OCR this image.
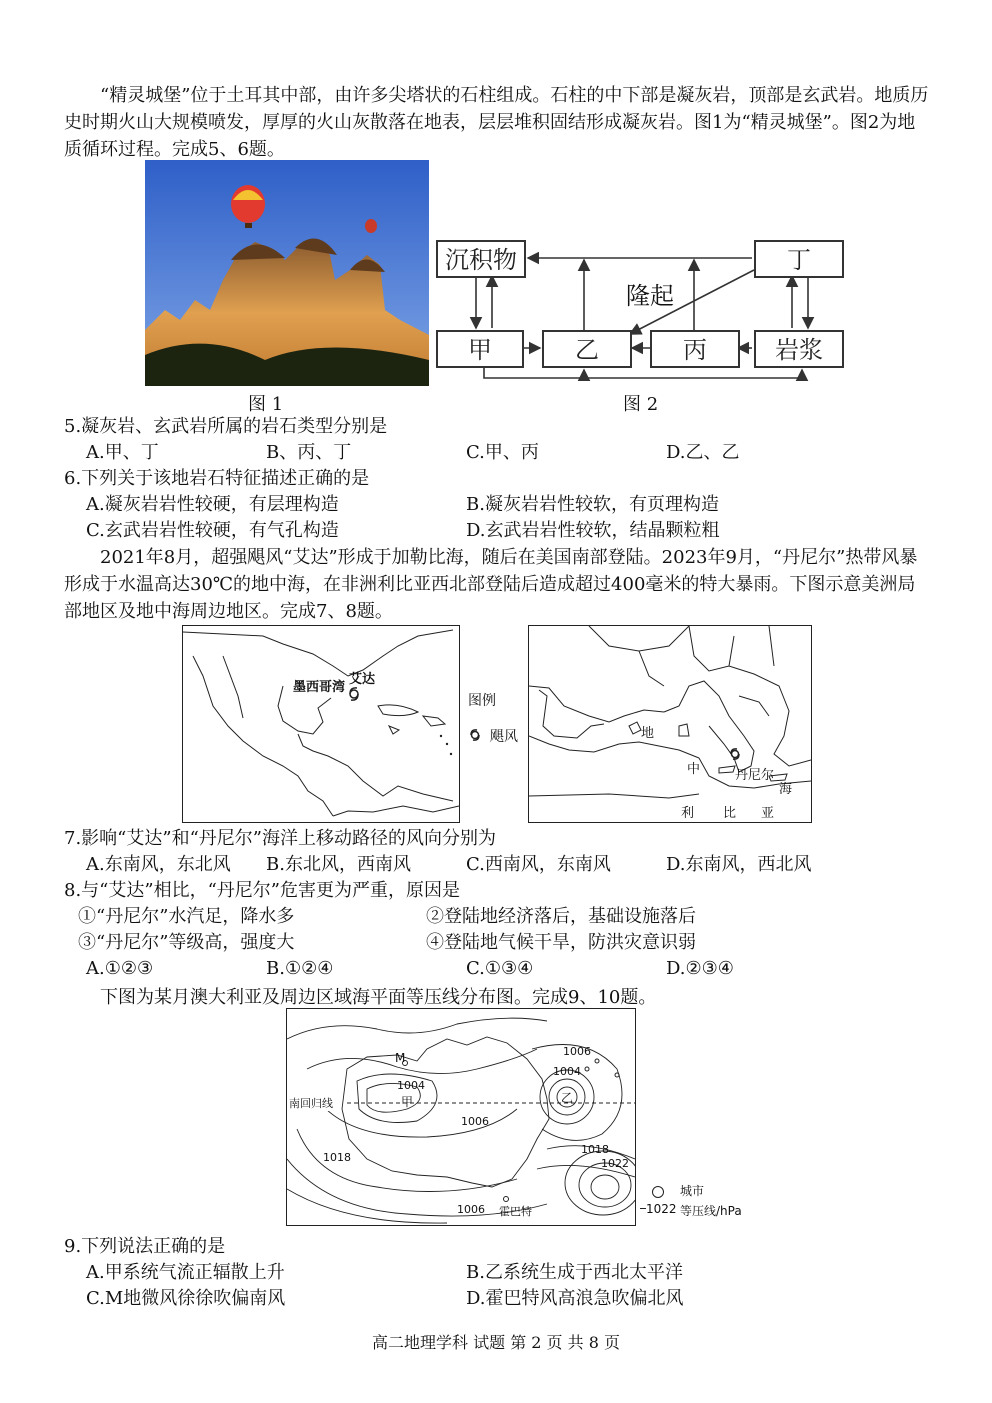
“精灵城堡”位于土耳其中部，由许多尖塔状的石柱组成。石柱的中下部是凝灰岩，顶部是玄武岩。地质历史时期火山大规模喷发，厚厚的火山灰散落在地表，层层堆积固结形成凝灰岩。图1为“精灵城堡”。图2为地质循环过程。完成5、6题。
图 1
沉积物	丁
隆起
甲	乙	丙	岩浆
图 2
5.凝灰岩、玄武岩所属的岩石类型分别是
A.甲、丁	B、丙、丁	C.甲、丙	D.乙、乙
6.下列关于该地岩石特征描述正确的是
A.凝灰岩岩性较硬，有层理构造	B.凝灰岩岩性较软，有页理构造
C.玄武岩岩性较硬，有气孔构造	D.玄武岩岩性较软，结晶颗粒粗
2021年8月，超强飓风“艾达”形成于加勒比海，随后在美国南部登陆。2023年9月，“丹尼尔”热带风暴形成于水温高达30℃的地中海，在非洲利比亚西北部登陆后造成超过400毫米的特大暴雨。下图示意美洲局部地区及地中海周边地区。完成7、8题。
墨西哥湾
艾达
图例
飓风	地
中
海
丹尼尔
利 比 亚
7.影响“艾达”和“丹尼尔”海洋上移动路径的风向分别为
A.东南风，东北风 B.东北风，西南风	C.西南风，东南风	D.东南风，西北风
8.与“艾达”相比，“丹尼尔”危害更为严重，原因是
①“丹尼尔”水汽足，降水多	②登陆地经济落后，基础设施落后
③“丹尼尔”等级高，强度大	④登陆地气候干旱，防洪灾意识弱
A.①②③	B.①②④	C.①③④	D.②③④
下图为某月澳大利亚及周边区域海平面等压线分布图。完成9、10题。
M	1006
1004
1004
甲	乙
南回归线
1006
1018
1018
1022
1006 霍巴特
城市
1022 等压线/hPa
9.下列说法正确的是
A.甲系统气流正辐散上升	B.乙系统生成于西北太平洋
C.M地微风徐徐吹偏南风	D.霍巴特风高浪急吹偏北风
高二地理学科 试题 第 2 页 共 8 页
